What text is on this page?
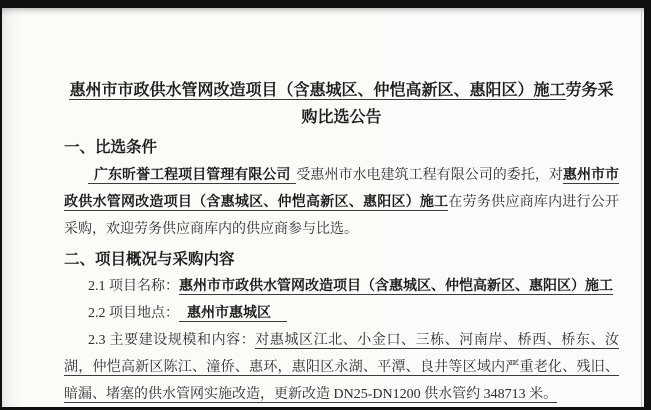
惠州市市政供水管网改造项目（含惠城区、仲恺高新区、惠阳区）施工劳务采
购比选公告
一、比选条件

广东昕誉工程项目管理有限公司 受惠州市水电建筑工程有限公司的委托，对惠州市市政供水管网改造项目（含惠城区、仲恺高新区、惠阳区）施工在劳务供应商库内进行公开采购，欢迎劳务供应商库内的供应商参与比选。

二、项目概况与采购内容
2.1 项目名称：惠州市市政供水管网改造项目（含惠城区、仲恺高新区、惠阳区）施工
2.2 项目地点： 惠州市惠城区

2.3 主要建设规模和内容：对惠城区江北、小金口、三栋、河南岸、桥西、桥东、汝湖，仲恺高新区陈江、潼侨、惠环，惠阳区永湖、平潭、良井等区域内严重老化、残旧、暗漏、堵塞的供水管网实施改造，更新改造 DN25-DN1200 供水管约 348713 米。
